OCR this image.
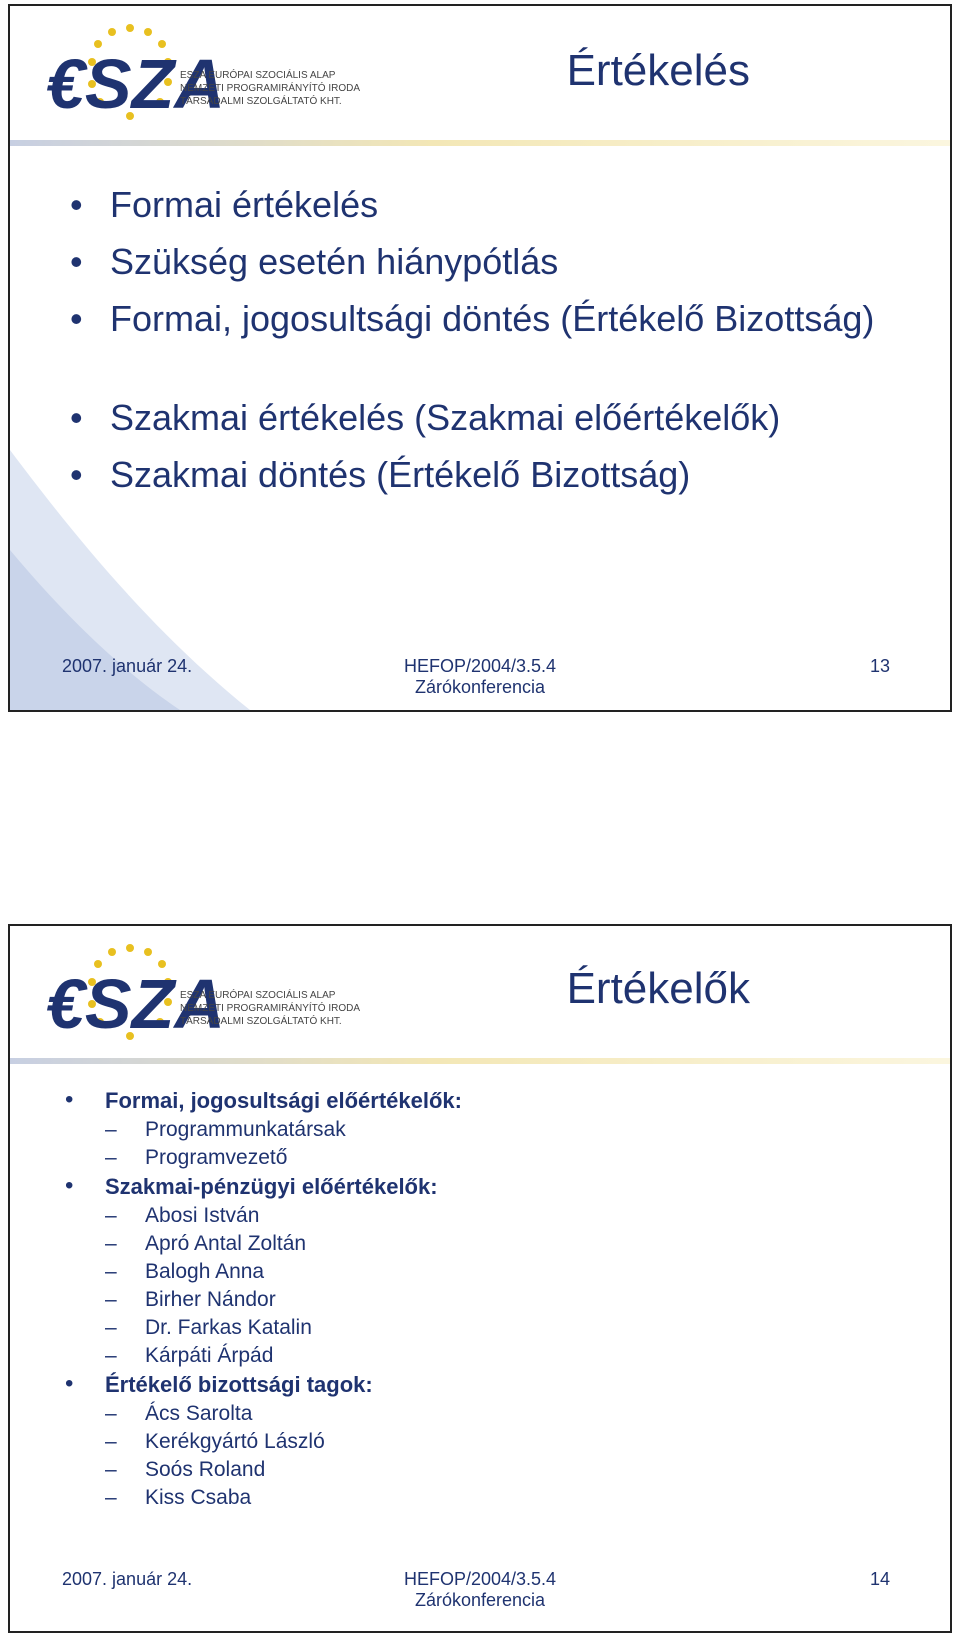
ESZA EURÓPAI SZOCIÁLIS ALAP
NEMZETI PROGRAMIRÁNYÍTÓ IRODA
TÁRSADALMI SZOLGÁLTATÓ KHT.
Értékelés
• Formai értékelés
• Szükség esetén hiánypótlás
• Formai, jogosultsági döntés (Értékelő Bizottság)
• Szakmai értékelés (Szakmai előértékelők)
• Szakmai döntés (Értékelő Bizottság)
2007. január 24.	HEFOP/2004/3.5.4
Zárókonferencia
13
ESZA EURÓPAI SZOCIÁLIS ALAP
NEMZETI PROGRAMIRÁNYÍTÓ IRODA
TÁRSADALMI SZOLGÁLTATÓ KHT.
Értékelők
• Formai, jogosultsági előértékelők:
– Programmunkatársak
– Programvezető
• Szakmai-pénzügyi előértékelők:
– Abosi István
– Apró Antal Zoltán
– Balogh Anna
– Birher Nándor
– Dr. Farkas Katalin
– Kárpáti Árpád
• Értékelő bizottsági tagok:
– Ács Sarolta
– Kerékgyártó László
– Soós Roland
– Kiss Csaba
2007. január 24.	HEFOP/2004/3.5.4
Zárókonferencia
14
